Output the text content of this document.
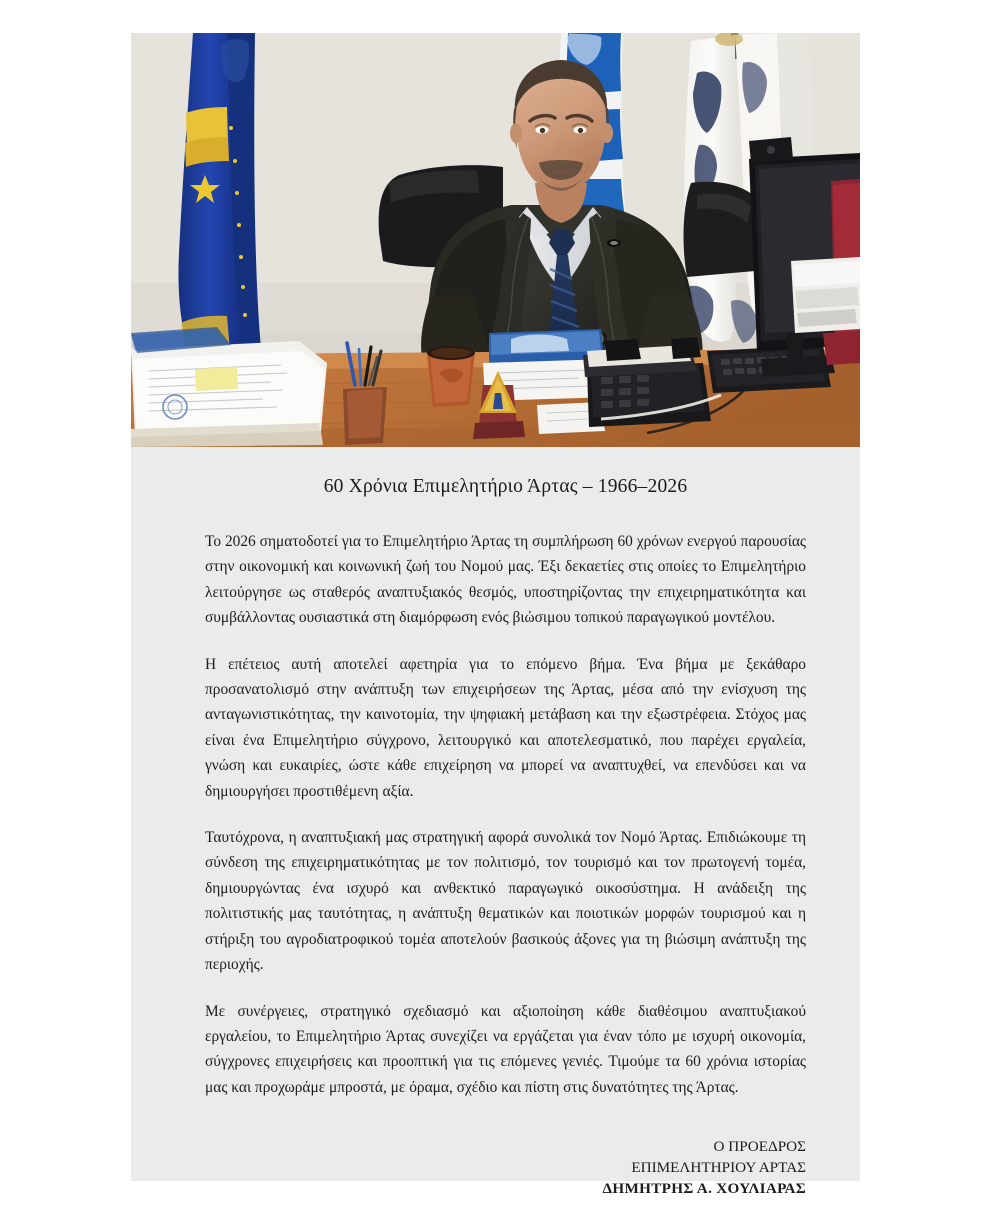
60 Χρόνια Επιμελητήριο Άρτας – 1966–2026

Το 2026 σηματοδοτεί για το Επιμελητήριο Άρτας τη συμπλήρωση 60 χρόνων ενεργού παρουσίας στην οικονομική και κοινωνική ζωή του Νομού μας. Έξι δεκαετίες στις οποίες το Επιμελητήριο λειτούργησε ως σταθερός αναπτυξιακός θεσμός, υποστηρίζοντας την επιχειρηματικότητα και συμβάλλοντας ουσιαστικά στη διαμόρφωση ενός βιώσιμου τοπικού παραγωγικού μοντέλου.

Η επέτειος αυτή αποτελεί αφετηρία για το επόμενο βήμα. Ένα βήμα με ξεκάθαρο προσανατολισμό στην ανάπτυξη των επιχειρήσεων της Άρτας, μέσα από την ενίσχυση της ανταγωνιστικότητας, την καινοτομία, την ψηφιακή μετάβαση και την εξωστρέφεια. Στόχος μας είναι ένα Επιμελητήριο σύγχρονο, λειτουργικό και αποτελεσματικό, που παρέχει εργαλεία, γνώση και ευκαιρίες, ώστε κάθε επιχείρηση να μπορεί να αναπτυχθεί, να επενδύσει και να δημιουργήσει προστιθέμενη αξία.

Ταυτόχρονα, η αναπτυξιακή μας στρατηγική αφορά συνολικά τον Νομό Άρτας. Επιδιώκουμε τη σύνδεση της επιχειρηματικότητας με τον πολιτισμό, τον τουρισμό και τον πρωτογενή τομέα, δημιουργώντας ένα ισχυρό και ανθεκτικό παραγωγικό οικοσύστημα. Η ανάδειξη της πολιτιστικής μας ταυτότητας, η ανάπτυξη θεματικών και ποιοτικών μορφών τουρισμού και η στήριξη του αγροδιατροφικού τομέα αποτελούν βασικούς άξονες για τη βιώσιμη ανάπτυξη της περιοχής.

Με συνέργειες, στρατηγικό σχεδιασμό και αξιοποίηση κάθε διαθέσιμου αναπτυξιακού εργαλείου, το Επιμελητήριο Άρτας συνεχίζει να εργάζεται για έναν τόπο με ισχυρή οικονομία, σύγχρονες επιχειρήσεις και προοπτική για τις επόμενες γενιές. Τιμούμε τα 60 χρόνια ιστορίας μας και προχωράμε μπροστά, με όραμα, σχέδιο και πίστη στις δυνατότητες της Άρτας.

Ο ΠΡΟΕΔΡΟΣ
ΕΠΙΜΕΛΗΤΗΡΙΟΥ ΑΡΤΑΣ
ΔΗΜΗΤΡΗΣ Α. ΧΟΥΛΙΑΡΑΣ
